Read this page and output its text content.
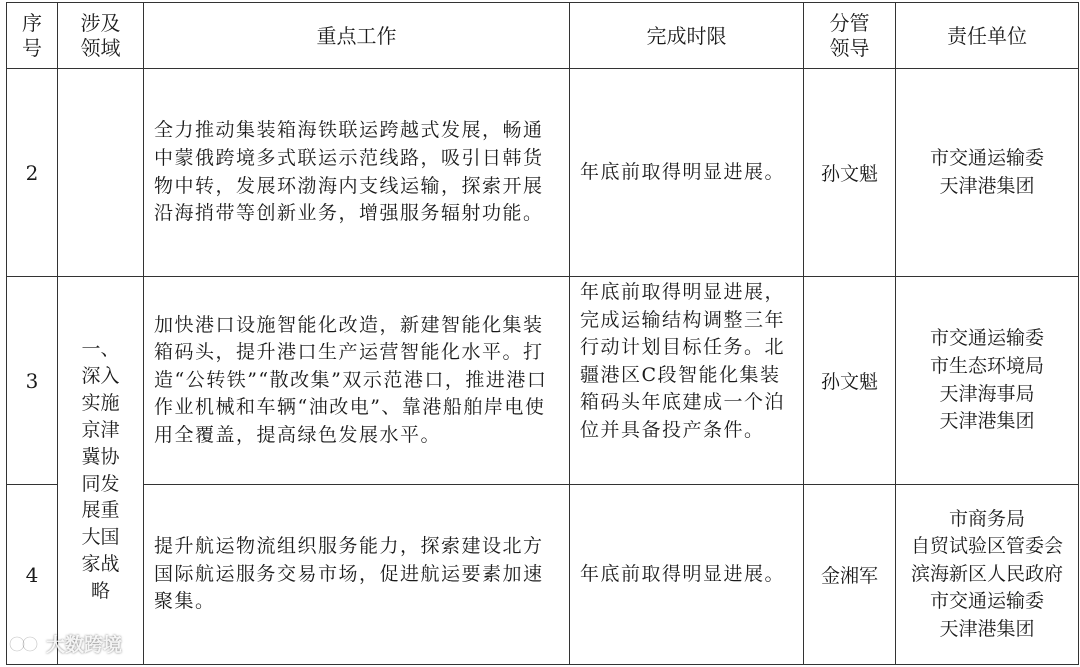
序号	涉及领域	重点工作	完成时限	分管领导	责任单位
2		全力推动集装箱海铁联运跨越式发展，畅通中蒙俄跨境多式联运示范线路，吸引日韩货物中转，发展环渤海内支线运输，探索开展沿海捎带等创新业务，增强服务辐射功能。	年底前取得明显进展。	孙文魁	市交通运输委
天津港集团

3	一、深入实施京津冀协同发展重大国家战略	加快港口设施智能化改造，新建智能化集装箱码头，提升港口生产运营智能化水平。打造“公转铁”“散改集”双示范港口，推进港口作业机械和车辆“油改电”、靠港船舶岸电使用全覆盖，提高绿色发展水平。	年底前取得明显进展，完成运输结构调整三年行动计划目标任务。北疆港区C段智能化集装箱码头年底建成一个泊位并具备投产条件。	孙文魁	市交通运输委
市生态环境局
天津海事局
天津港集团

4		提升航运物流组织服务能力，探索建设北方国际航运服务交易市场，促进航运要素加速聚集。	年底前取得明显进展。	金湘军	市商务局
自贸试验区管委会
滨海新区人民政府
市交通运输委
天津港集团
大数跨境
